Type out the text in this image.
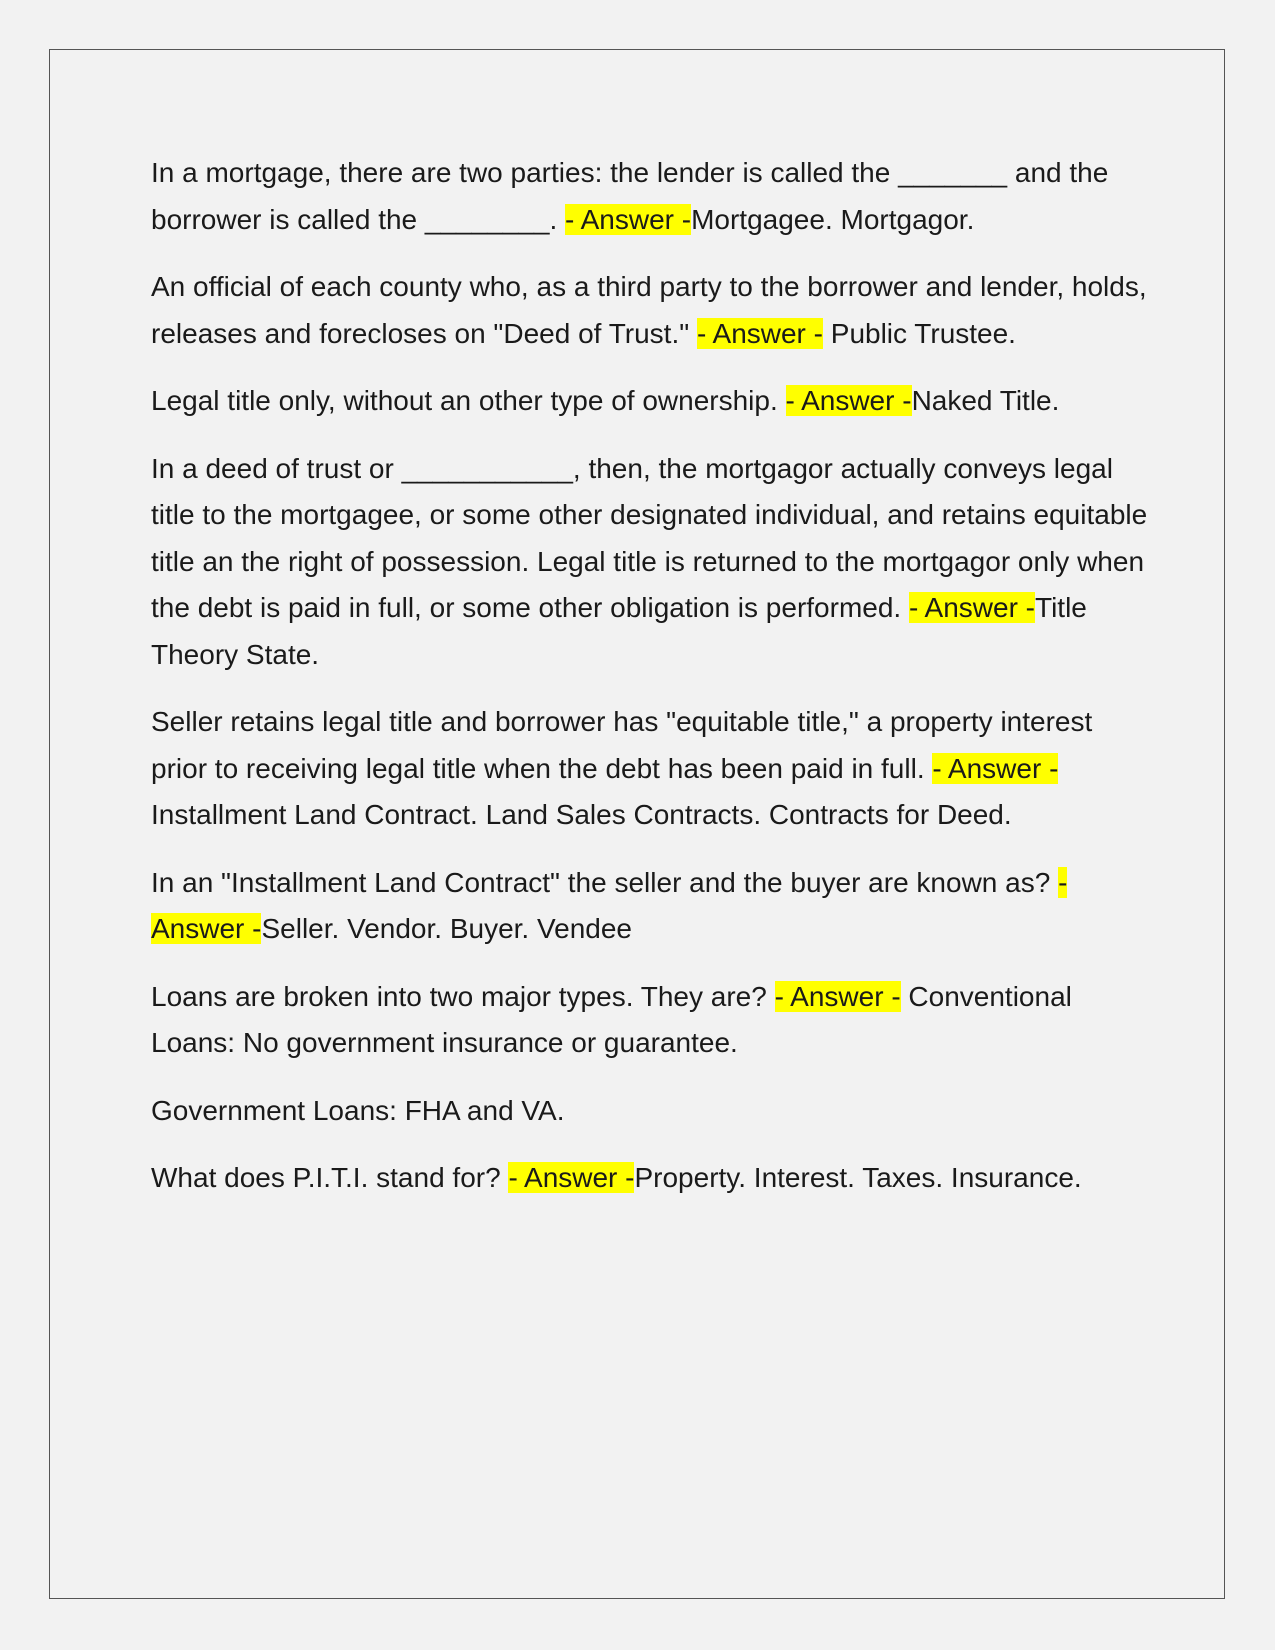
In a mortgage, there are two parties: the lender is called the _______ and the borrower is called the ________. - Answer -Mortgagee. Mortgagor.

An official of each county who, as a third party to the borrower and lender, holds, releases and forecloses on "Deed of Trust." - Answer - Public Trustee.

Legal title only, without an other type of ownership. - Answer -Naked Title.

In a deed of trust or ___________, then, the mortgagor actually conveys legal title to the mortgagee, or some other designated individual, and retains equitable title an the right of possession. Legal title is returned to the mortgagor only when the debt is paid in full, or some other obligation is performed. - Answer -Title Theory State.

Seller retains legal title and borrower has "equitable title," a property interest prior to receiving legal title when the debt has been paid in full. - Answer -Installment Land Contract. Land Sales Contracts. Contracts for Deed.

In an "Installment Land Contract" the seller and the buyer are known as? - Answer -Seller. Vendor. Buyer. Vendee

Loans are broken into two major types. They are? - Answer - Conventional Loans: No government insurance or guarantee.

Government Loans: FHA and VA.

What does P.I.T.I. stand for? - Answer -Property. Interest. Taxes. Insurance.
